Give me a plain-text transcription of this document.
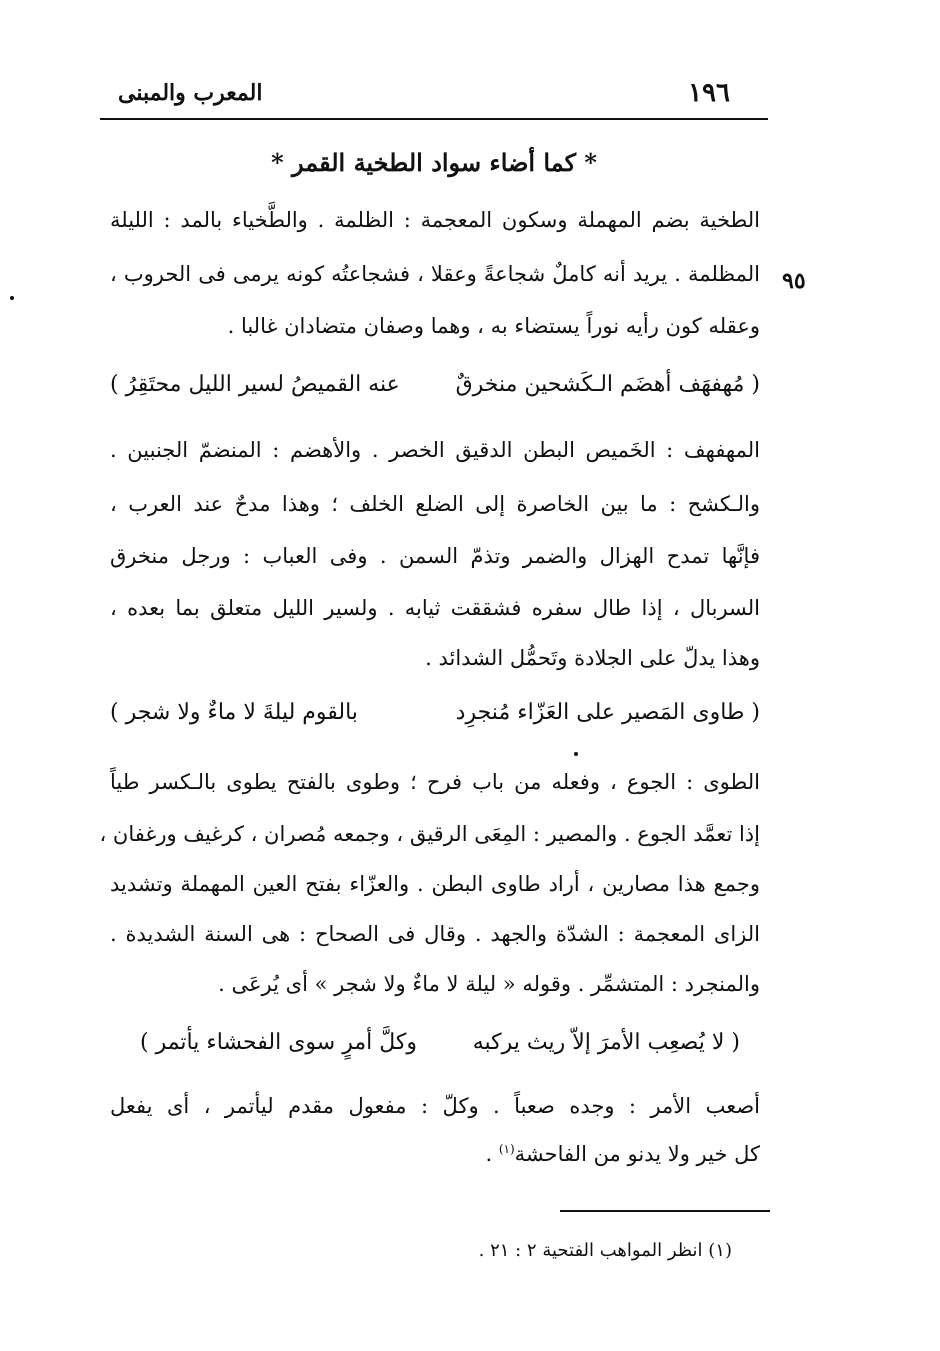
١٩٦
المعرب والمبنى
* كما أضاء سواد الطخية القمر *
٩٥
الطخية بضم المهملة وسكون المعجمة : الظلمة . والطَّخياء بالمد : الليلة
المظلمة . يريد أنه كاملٌ شجاعةً وعقلا ، فشجاعتُه كونه يرمى فى الحروب ،
وعقله كون رأيه نوراً يستضاء به ، وهما وصفان متضادان غالبا .
( مُهفهَف أهضَم الـكَشحين منخرقٌ
عنه القميصُ لسير الليل محتَقِرُ )
المهفهف : الخَميص البطن الدقيق الخصر . والأهضم : المنضمّ الجنبين .
والـكشح : ما بين الخاصرة إلى الضلع الخلف ؛ وهذا مدحٌ عند العرب ،
فإنَّها تمدح الهزال والضمر وتذمّ السمن . وفى العباب : ورجل منخرق
السربال ، إذا طال سفره فشققت ثيابه . ولسير الليل متعلق بما بعده ،
وهذا يدلّ على الجلادة وتَحمُّل الشدائد .
( طاوى المَصير على العَزّاء مُنجرِد
بالقوم ليلةَ لا ماءٌ ولا شجر )
الطوى : الجوع ، وفعله من باب فرح ؛ وطوى بالفتح يطوى بالـكسر طياً
إذا تعمَّد الجوع . والمصير : المِعَى الرقيق ، وجمعه مُصران ، كرغيف ورغفان ،
وجمع هذا مصارين ، أراد طاوى البطن . والعزّاء بفتح العين المهملة وتشديد
الزاى المعجمة : الشدّة والجهد . وقال فى الصحاح : هى السنة الشديدة .
والمنجرد : المتشمِّر . وقوله « ليلة لا ماءٌ ولا شجر » أى يُرعَى .
( لا يُصعِب الأمرَ إلاّ ريث يركبه
وكلَّ أمرٍ سوى الفحشاء يأتمر )
أصعب الأمر : وجده صعباً . وكلّ : مفعول مقدم ليأتمر ، أى يفعل
كل خير ولا يدنو من الفاحشة$^{(١)}$ .
(١) انظر المواهب الفتحية ٢ : ٢١ .
